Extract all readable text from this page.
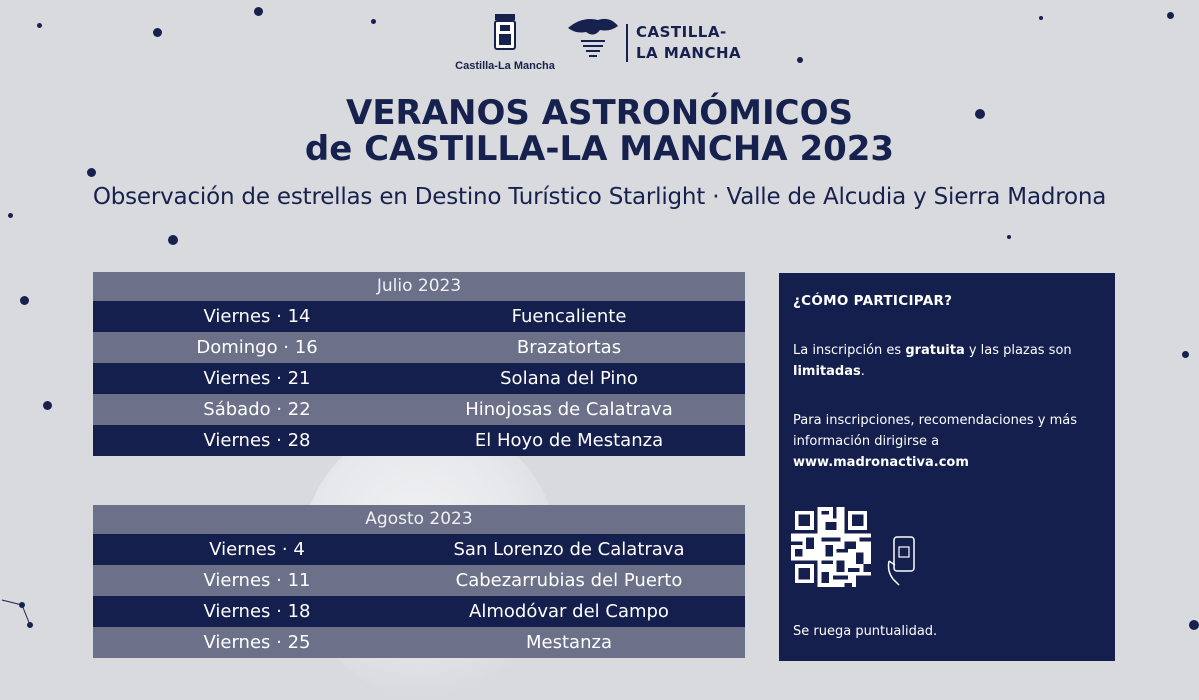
Castilla-La Mancha
CASTILLA-
LA MANCHA
VERANOS ASTRONÓMICOS
de CASTILLA-LA MANCHA 2023
Observación de estrellas en Destino Turístico Starlight · Valle de Alcudia y Sierra Madrona
Julio 2023
Viernes · 14	Fuencaliente
Domingo · 16	Brazatortas
Viernes · 21	Solana del Pino
Sábado · 22	Hinojosas de Calatrava
Viernes · 28	El Hoyo de Mestanza
Agosto 2023
Viernes · 4	San Lorenzo de Calatrava
Viernes · 11	Cabezarrubias del Puerto
Viernes · 18	Almodóvar del Campo
Viernes · 25	Mestanza
¿CÓMO PARTICIPAR?
La inscripción es gratuita y las plazas son limitadas.
Para inscripciones, recomendaciones y más información dirigirse a
www.madronactiva.com
Se ruega puntualidad.
